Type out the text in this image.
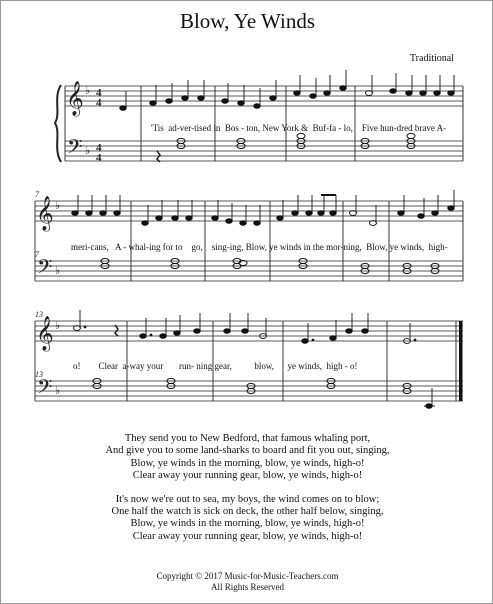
Blow, Ye Winds
Traditional
𝄞
𝄢
♭
♭
4
4
4
4
7
7
𝄞
𝄢
♭
♭
13
13
𝄞
𝄢
♭
♭
'Tis  ad-ver-tised in  Bos - ton, New York &  Buf-fa - lo,    Five hun-dred brave A-
meri-cans,   A - whal-ing for to    go,    sing-ing, Blow, ye winds in the mor-ning,  Blow, ye winds,  high-
o!        Clear  a-way your       run- ning gear,          blow,      ye winds,  high - o!

They send you to New Bedford, that famous whaling port,

And give you to some land-sharks to board and fit you out, singing,

Blow, ye winds in the morning, blow, ye winds, high-o!

Clear away your running gear, blow, ye winds, high-o!

It's now we're out to sea, my boys, the wind comes on to blow;

One half the watch is sick on deck, the other half below, singing,

Blow, ye winds in the morning, blow, ye winds, high-o!

Clear away your running gear, blow, ye winds, high-o!

Copyright © 2017 Music-for-Music-Teachers.com
All Rights Reserved
